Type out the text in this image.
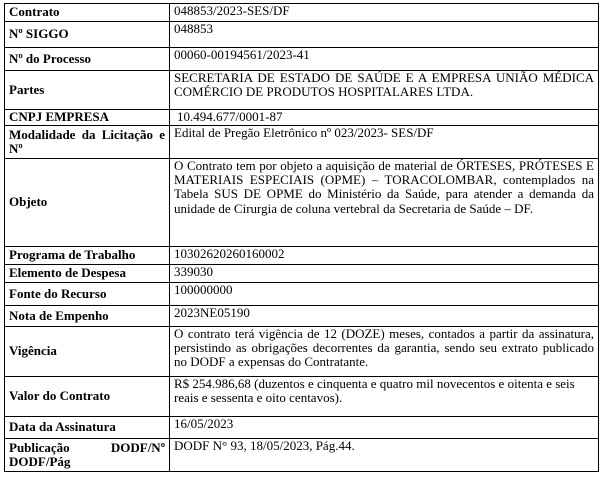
Contrato	048853/2023-SES/DF
Nº SIGGO	048853
Nº do Processo	00060-00194561/2023-41
Partes	SECRETARIA DE ESTADO DE SAÚDE E A EMPRESA UNIÃO MÉDICA COMÉRCIO DE PRODUTOS HOSPITALARES LTDA.
CNPJ EMPRESA	10.494.677/0001-87
Modalidade da Licitação e Nº	Edital de Pregão Eletrônico nº 023/2023- SES/DF
Objeto	O Contrato tem por objeto a aquisição de material de ÓRTESES, PRÓTESES E MATERIAIS ESPECIAIS (OPME) – TORACOLOMBAR, contemplados na Tabela SUS DE OPME do Ministério da Saúde, para atender a demanda da unidade de Cirurgia de coluna vertebral da Secretaria de Saúde – DF.
Programa de Trabalho	10302620260160002
Elemento de Despesa	339030
Fonte do Recurso	100000000
Nota de Empenho	2023NE05190
Vigência	O contrato terá vigência de 12 (DOZE) meses, contados a partir da assinatura, persistindo as obrigações decorrentes da garantia, sendo seu extrato publicado no DODF a expensas do Contratante.
Valor do Contrato	R$ 254.986,68 (duzentos e cinquenta e quatro mil novecentos e oitenta e seis reais e sessenta e oito centavos).
Data da Assinatura	16/05/2023
Publicação DODF/Nº DODF/Pág	DODF N° 93, 18/05/2023, Pág.44.
